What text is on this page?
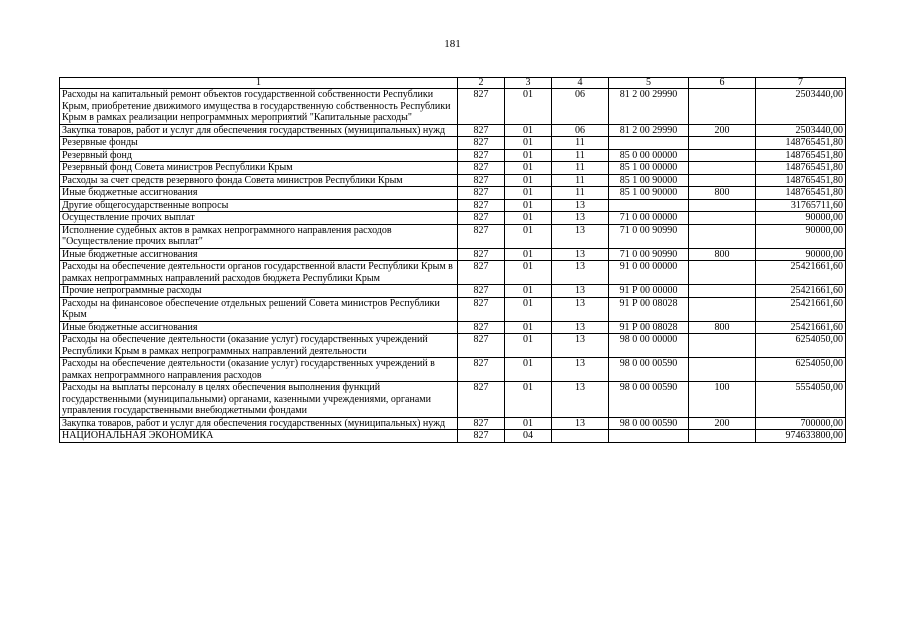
181
1	2	3	4	5	6	7
Расходы на капитальный ремонт объектов государственной собственности Республики Крым, приобретение движимого имущества в государственную собственность Республики Крым в рамках реализации непрограммных мероприятий "Капитальные расходы"	827	01	06	81 2 00 29990		2503440,00
Закупка товаров, работ и услуг для обеспечения государственных (муниципальных) нужд	827	01	06	81 2 00 29990	200	2503440,00
Резервные фонды	827	01	11			148765451,80
Резервный фонд	827	01	11	85 0 00 00000		148765451,80
Резервный фонд Совета министров Республики Крым	827	01	11	85 1 00 00000		148765451,80
Расходы за счет средств резервного фонда Совета министров Республики Крым	827	01	11	85 1 00 90000		148765451,80
Иные бюджетные ассигнования	827	01	11	85 1 00 90000	800	148765451,80
Другие общегосударственные вопросы	827	01	13			31765711,60
Осуществление прочих выплат	827	01	13	71 0 00 00000		90000,00
Исполнение судебных актов в рамках непрограммного направления расходов "Осуществление прочих выплат"	827	01	13	71 0 00 90990		90000,00
Иные бюджетные ассигнования	827	01	13	71 0 00 90990	800	90000,00
Расходы на обеспечение деятельности органов государственной власти Республики Крым в рамках непрограммных направлений расходов бюджета Республики Крым	827	01	13	91 0 00 00000		25421661,60
Прочие непрограммные расходы	827	01	13	91 Р 00 00000		25421661,60
Расходы на финансовое обеспечение отдельных решений Совета министров Республики Крым	827	01	13	91 Р 00 08028		25421661,60
Иные бюджетные ассигнования	827	01	13	91 Р 00 08028	800	25421661,60
Расходы на обеспечение деятельности (оказание услуг) государственных учреждений Республики Крым в рамках непрограммных направлений деятельности	827	01	13	98 0 00 00000		6254050,00
Расходы на обеспечение деятельности (оказание услуг) государственных учреждений в рамках непрограммного направления расходов	827	01	13	98 0 00 00590		6254050,00
Расходы на выплаты персоналу в целях обеспечения выполнения функций государственными (муниципальными) органами, казенными учреждениями, органами управления государственными внебюджетными фондами	827	01	13	98 0 00 00590	100	5554050,00
Закупка товаров, работ и услуг для обеспечения государственных (муниципальных) нужд	827	01	13	98 0 00 00590	200	700000,00
НАЦИОНАЛЬНАЯ ЭКОНОМИКА	827	04				974633800,00
